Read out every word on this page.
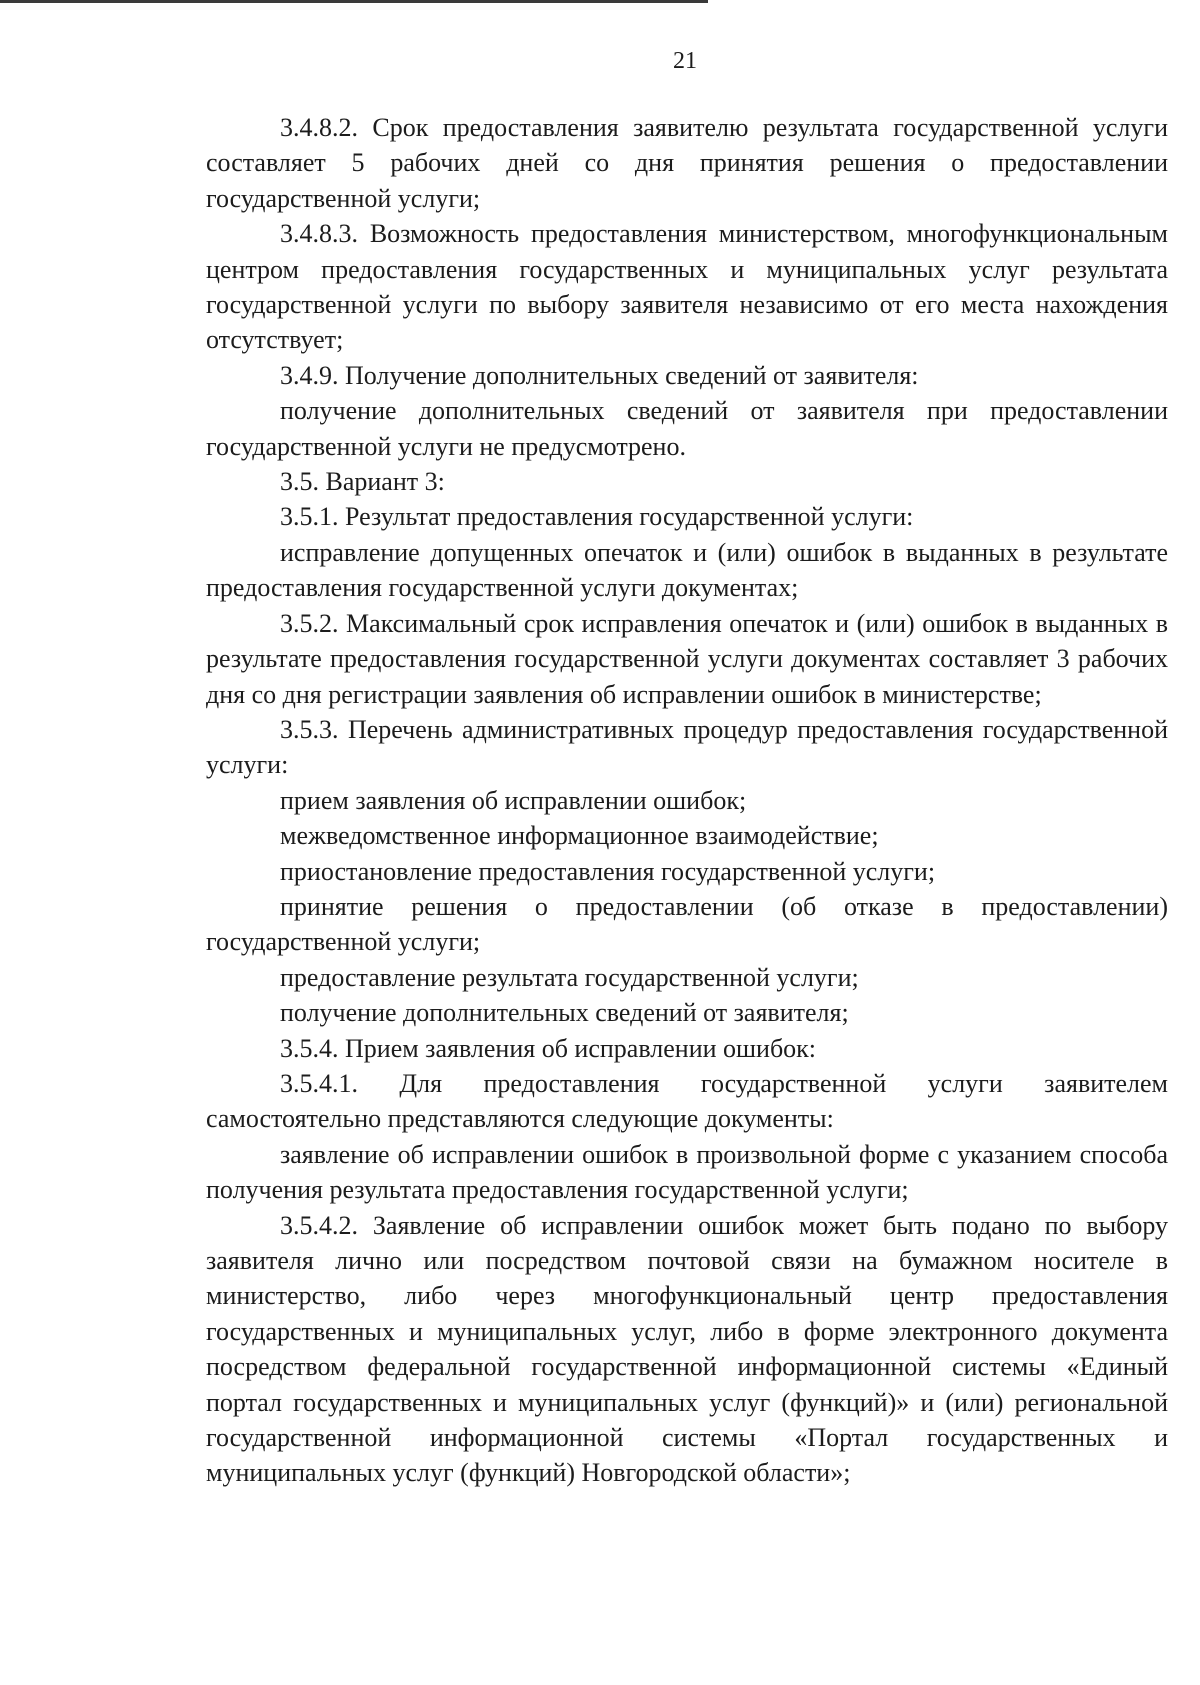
21

3.4.8.2. Срок предоставления заявителю результата государственной услуги составляет 5 рабочих дней со дня принятия решения о предоставлении государственной услуги;

3.4.8.3. Возможность предоставления министерством, многофункциональным центром предоставления государственных и муниципальных услуг результата государственной услуги по выбору заявителя независимо от его места нахождения отсутствует;

3.4.9. Получение дополнительных сведений от заявителя:

получение дополнительных сведений от заявителя при предоставлении государственной услуги не предусмотрено.

3.5. Вариант 3:

3.5.1. Результат предоставления государственной услуги:

исправление допущенных опечаток и (или) ошибок в выданных в результате предоставления государственной услуги документах;

3.5.2. Максимальный срок исправления опечаток и (или) ошибок в выданных в результате предоставления государственной услуги документах составляет 3 рабочих дня со дня регистрации заявления об исправлении ошибок в министерстве;

3.5.3. Перечень административных процедур предоставления государственной услуги:

прием заявления об исправлении ошибок;

межведомственное информационное взаимодействие;

приостановление предоставления государственной услуги;

принятие решения о предоставлении (об отказе в предоставлении) государственной услуги;

предоставление результата государственной услуги;

получение дополнительных сведений от заявителя;

3.5.4. Прием заявления об исправлении ошибок:

3.5.4.1. Для предоставления государственной услуги заявителем самостоятельно представляются следующие документы:

заявление об исправлении ошибок в произвольной форме с указанием способа получения результата предоставления государственной услуги;

3.5.4.2. Заявление об исправлении ошибок может быть подано по выбору заявителя лично или посредством почтовой связи на бумажном носителе в министерство, либо через многофункциональный центр предоставления государственных и муниципальных услуг, либо в форме электронного документа посредством федеральной государственной информационной системы «Единый портал государственных и муниципальных услуг (функций)» и (или) региональной государственной информационной системы «Портал государственных и муниципальных услуг (функций) Новгородской области»;
